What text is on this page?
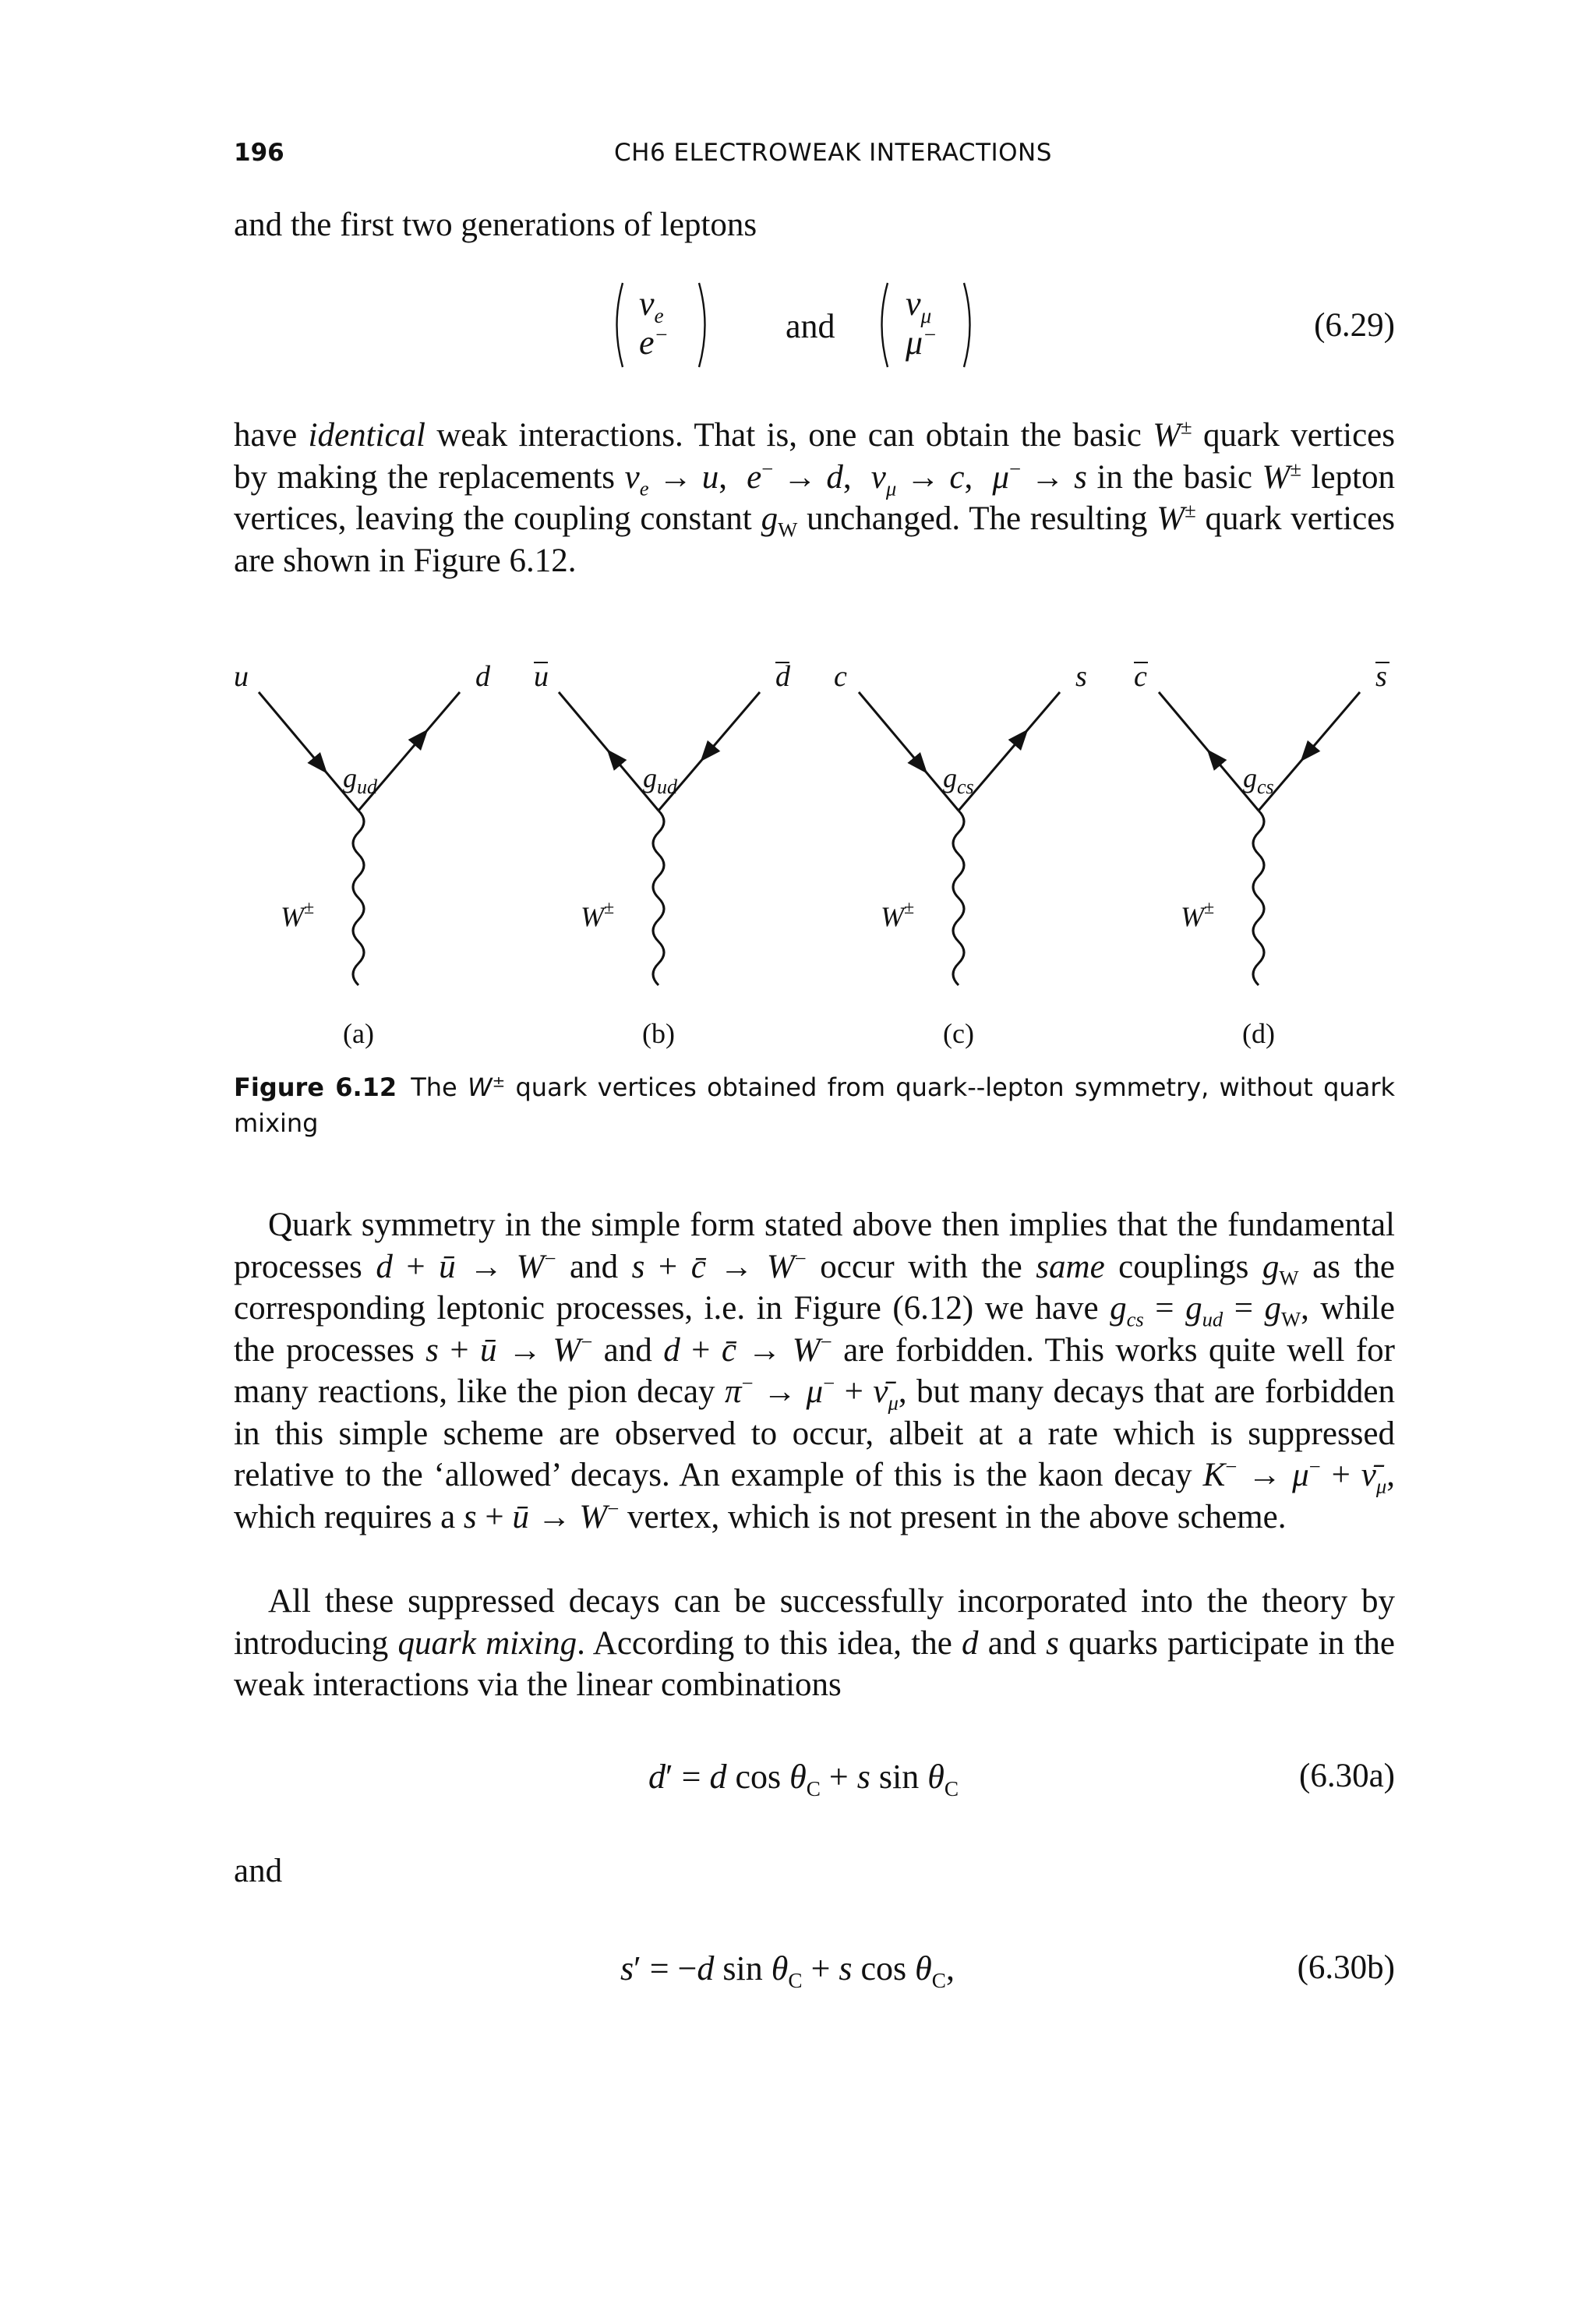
196	CH6 ELECTROWEAK INTERACTIONS
and the first two generations of leptons
$\nu_e$
e−	and
$\nu_\mu$
μ−	(6.29)

have identical weak interactions. That is, one can obtain the basic W± quark vertices by making the replacements $\nu_e \to u$,  e− → d,  $\nu_\mu \to c$,  μ− → s in the basic W± lepton vertices, leaving the coupling constant $g_W$ unchanged. The resulting W± quark vertices are shown in Figure 6.12.

u	d
$g_{ud}$
W±
(a)
u	d
$g_{ud}$
W±
(b)
c	s
$g_{cs}$
W±
(c)
c	s
$g_{cs}$
W±
(d)
Figure 6.12 The W± quark vertices obtained from quark--lepton symmetry, without quark mixing

Quark symmetry in the simple form stated above then implies that the fundamental processes d + ū → W− and s + c̄ → W− occur with the same couplings $g_W$ as the corresponding leptonic processes, i.e. in Figure (6.12) we have $g_{cs} = g_{ud} = g_W$, while the processes s + ū → W− and d + c̄ → W− are forbidden. This works quite well for many reactions, like the pion decay $\pi^- \to \mu^- + \nū_\mu$, but many decays that are forbidden in this simple scheme are observed to occur, albeit at a rate which is suppressed relative to the ‘allowed’ decays. An example of this is the kaon decay $K^- \to \mu^- + \nū_\mu$, which requires a s + ū → W− vertex, which is not present in the above scheme.

All these suppressed decays can be successfully incorporated into the theory by introducing quark mixing. According to this idea, the d and s quarks participate in the weak interactions via the linear combinations

d′ = d $\cos \theta_C + s$ $\sin \theta_C$	(6.30a)
and
s′ = −d $\sin \theta_C + s$ $\cos \theta_C$,	(6.30b)
